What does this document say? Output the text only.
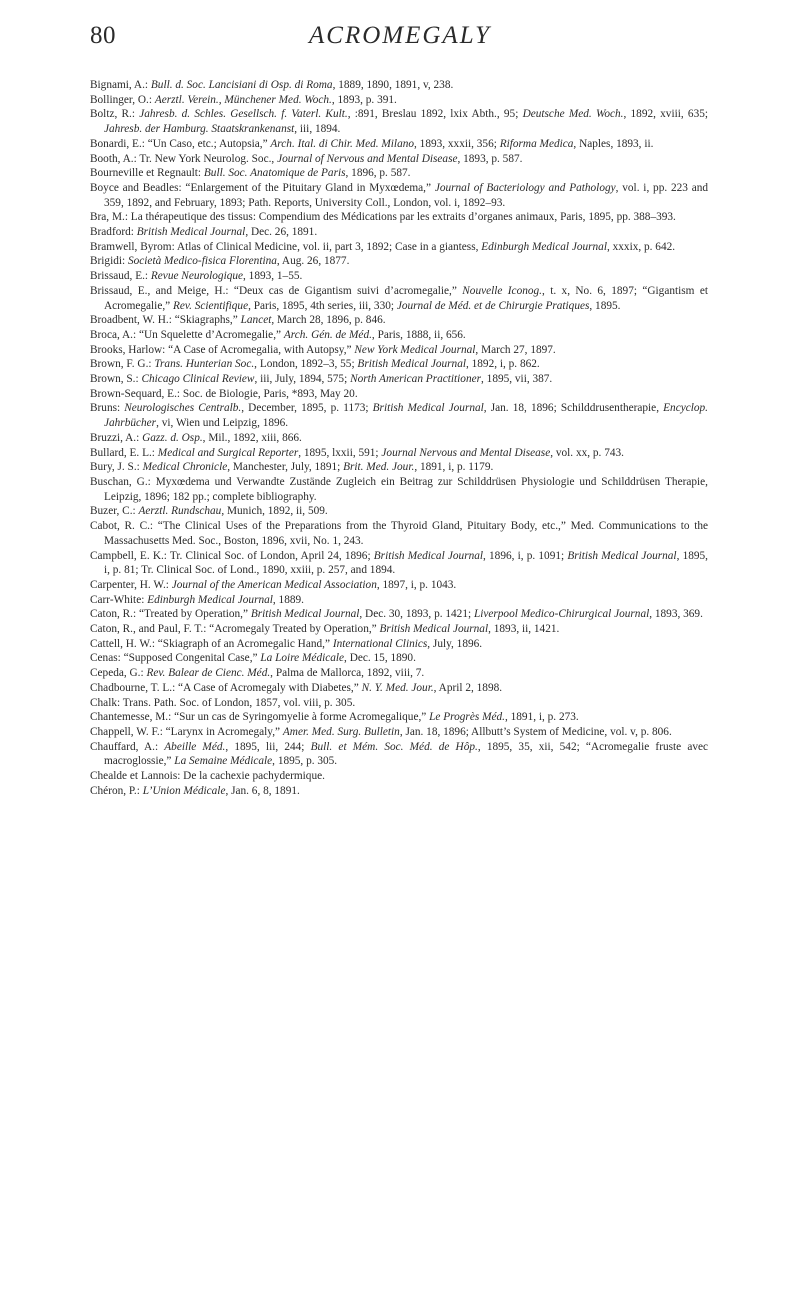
80	ACROMEGALY

Bignami, A.: Bull. d. Soc. Lancisiani di Osp. di Roma, 1889, 1890, 1891, v, 238.

Bollinger, O.: Aerztl. Verein., Münchener Med. Woch., 1893, p. 391.

Boltz, R.: Jahresb. d. Schles. Gesellsch. f. Vaterl. Kult., :891, Breslau 1892, lxix Abth., 95; Deutsche Med. Woch., 1892, xviii, 635; Jahresb. der Hamburg. Staatskrankenanst, iii, 1894.

Bonardi, E.: “Un Caso, etc.; Autopsia,” Arch. Ital. di Chir. Med. Milano, 1893, xxxii, 356; Riforma Medica, Naples, 1893, ii.

Booth, A.: Tr. New York Neurolog. Soc., Journal of Nervous and Mental Disease, 1893, p. 587.

Bourneville et Regnault: Bull. Soc. Anatomique de Paris, 1896, p. 587.

Boyce and Beadles: “Enlargement of the Pituitary Gland in Myxœdema,” Journal of Bacteriology and Pathology, vol. i, pp. 223 and 359, 1892, and February, 1893; Path. Reports, University Coll., London, vol. i, 1892–93.

Bra, M.: La thérapeutique des tissus: Compendium des Médications par les extraits d’organes animaux, Paris, 1895, pp. 388–393.

Bradford: British Medical Journal, Dec. 26, 1891.

Bramwell, Byrom: Atlas of Clinical Medicine, vol. ii, part 3, 1892; Case in a giantess, Edinburgh Medical Journal, xxxix, p. 642.

Brigidi: Società Medico-fisica Florentina, Aug. 26, 1877.

Brissaud, E.: Revue Neurologique, 1893, 1–55.

Brissaud, E., and Meige, H.: “Deux cas de Gigantism suivi d’acromegalie,” Nouvelle Iconog., t. x, No. 6, 1897; “Gigantism et Acromegalie,” Rev. Scientifique, Paris, 1895, 4th series, iii, 330; Journal de Méd. et de Chirurgie Pratiques, 1895.

Broadbent, W. H.: “Skiagraphs,” Lancet, March 28, 1896, p. 846.

Broca, A.: “Un Squelette d’Acromegalie,” Arch. Gén. de Méd., Paris, 1888, ii, 656.

Brooks, Harlow: “A Case of Acromegalia, with Autopsy,” New York Medical Journal, March 27, 1897.

Brown, F. G.: Trans. Hunterian Soc., London, 1892–3, 55; British Medical Journal, 1892, i, p. 862.

Brown, S.: Chicago Clinical Review, iii, July, 1894, 575; North American Practitioner, 1895, vii, 387.

Brown-Sequard, E.: Soc. de Biologie, Paris, *893, May 20.

Bruns: Neurologisches Centralb., December, 1895, p. 1173; British Medical Journal, Jan. 18, 1896; Schilddrusentherapie, Encyclop. Jahrbücher, vi, Wien und Leipzig, 1896.

Bruzzi, A.: Gazz. d. Osp., Mil., 1892, xiii, 866.

Bullard, E. L.: Medical and Surgical Reporter, 1895, lxxii, 591; Journal Nervous and Mental Disease, vol. xx, p. 743.

Bury, J. S.: Medical Chronicle, Manchester, July, 1891; Brit. Med. Jour., 1891, i, p. 1179.

Buschan, G.: Myxœdema und Verwandte Zustände Zugleich ein Beitrag zur Schilddrüsen Physiologie und Schilddrüsen Therapie, Leipzig, 1896; 182 pp.; complete bibliography.

Buzer, C.: Aerztl. Rundschau, Munich, 1892, ii, 509.

Cabot, R. C.: “The Clinical Uses of the Preparations from the Thyroid Gland, Pituitary Body, etc.,” Med. Communications to the Massachusetts Med. Soc., Boston, 1896, xvii, No. 1, 243.

Campbell, E. K.: Tr. Clinical Soc. of London, April 24, 1896; British Medical Journal, 1896, i, p. 1091; British Medical Journal, 1895, i, p. 81; Tr. Clinical Soc. of Lond., 1890, xxiii, p. 257, and 1894.

Carpenter, H. W.: Journal of the American Medical Association, 1897, i, p. 1043.

Carr-White: Edinburgh Medical Journal, 1889.

Caton, R.: “Treated by Operation,” British Medical Journal, Dec. 30, 1893, p. 1421; Liverpool Medico-Chirurgical Journal, 1893, 369.

Caton, R., and Paul, F. T.: “Acromegaly Treated by Operation,” British Medical Journal, 1893, ii, 1421.

Cattell, H. W.: “Skiagraph of an Acromegalic Hand,” International Clinics, July, 1896.

Cenas: “Supposed Congenital Case,” La Loire Médicale, Dec. 15, 1890.

Cepeda, G.: Rev. Balear de Cienc. Méd., Palma de Mallorca, 1892, viii, 7.

Chadbourne, T. L.: “A Case of Acromegaly with Diabetes,” N. Y. Med. Jour., April 2, 1898.

Chalk: Trans. Path. Soc. of London, 1857, vol. viii, p. 305.

Chantemesse, M.: “Sur un cas de Syringomyelie à forme Acromegalique,” Le Progrès Méd., 1891, i, p. 273.

Chappell, W. F.: “Larynx in Acromegaly,” Amer. Med. Surg. Bulletin, Jan. 18, 1896; Allbutt’s System of Medicine, vol. v, p. 806.

Chauffard, A.: Abeille Méd., 1895, lii, 244; Bull. et Mém. Soc. Méd. de Hôp., 1895, 35, xii, 542; “Acromegalie fruste avec macroglossie,” La Semaine Médicale, 1895, p. 305.

Chealde et Lannois: De la cachexie pachydermique.

Chéron, P.: L’Union Médicale, Jan. 6, 8, 1891.
